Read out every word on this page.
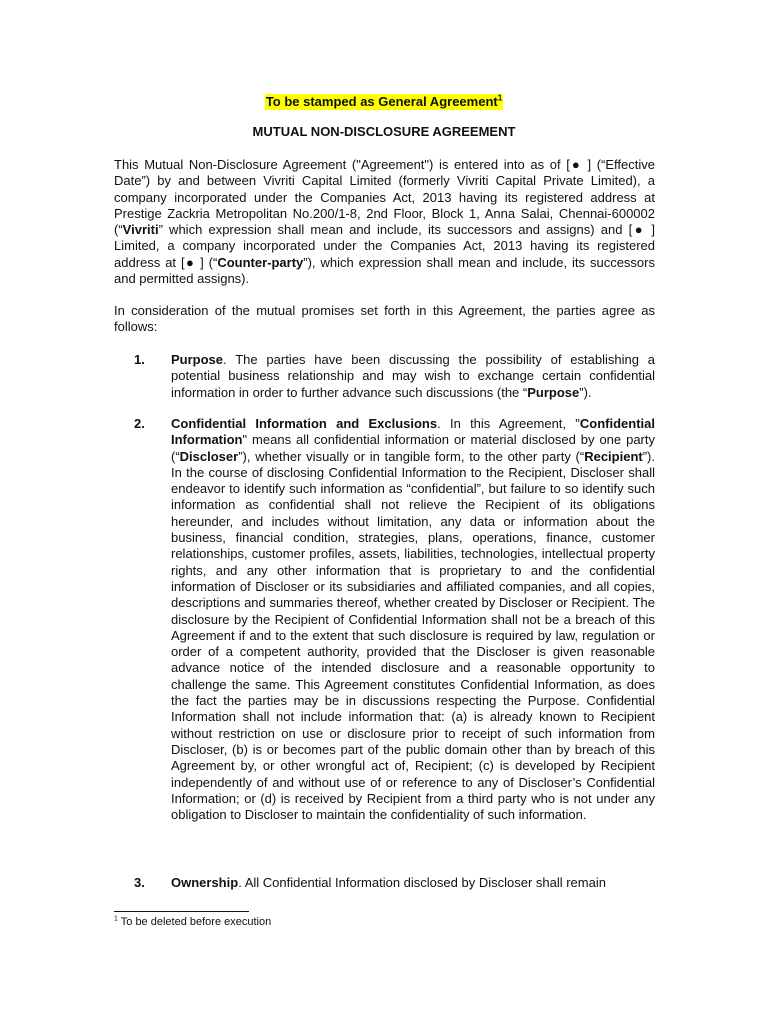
To be stamped as General Agreement$^1$
MUTUAL NON-DISCLOSURE AGREEMENT
This Mutual Non-Disclosure Agreement ("Agreement") is entered into as of [● ] (“Effective Date”) by and between Vivriti Capital Limited (formerly Vivriti Capital Private Limited), a company incorporated under the Companies Act, 2013 having its registered address at Prestige Zackria Metropolitan No.200/1-8, 2nd Floor, Block 1, Anna Salai, Chennai-600002 (“Vivriti” which expression shall mean and include, its successors and assigns) and [● ] Limited, a company incorporated under the Companies Act, 2013 having its registered address at [● ] (“Counter-party”), which expression shall mean and include, its successors and permitted assigns).
In consideration of the mutual promises set forth in this Agreement, the parties agree as follows:
1. Purpose. The parties have been discussing the possibility of establishing a potential business relationship and may wish to exchange certain confidential information in order to further advance such discussions (the “Purpose”).
2. Confidential Information and Exclusions. In this Agreement, "Confidential Information" means all confidential information or material disclosed by one party (“Discloser”), whether visually or in tangible form, to the other party (“Recipient”). In the course of disclosing Confidential Information to the Recipient, Discloser shall endeavor to identify such information as “confidential”, but failure to so identify such information as confidential shall not relieve the Recipient of its obligations hereunder, and includes without limitation, any data or information about the business, financial condition, strategies, plans, operations, finance, customer relationships, customer profiles, assets, liabilities, technologies, intellectual property rights, and any other information that is proprietary to and the confidential information of Discloser or its subsidiaries and affiliated companies, and all copies, descriptions and summaries thereof, whether created by Discloser or Recipient. The disclosure by the Recipient of Confidential Information shall not be a breach of this Agreement if and to the extent that such disclosure is required by law, regulation or order of a competent authority, provided that the Discloser is given reasonable advance notice of the intended disclosure and a reasonable opportunity to challenge the same. This Agreement constitutes Confidential Information, as does the fact the parties may be in discussions respecting the Purpose. Confidential Information shall not include information that: (a) is already known to Recipient without restriction on use or disclosure prior to receipt of such information from Discloser, (b) is or becomes part of the public domain other than by breach of this Agreement by, or other wrongful act of, Recipient; (c) is developed by Recipient independently of and without use of or reference to any of Discloser’s Confidential Information; or (d) is received by Recipient from a third party who is not under any obligation to Discloser to maintain the confidentiality of such information.
3. Ownership. All Confidential Information disclosed by Discloser shall remain
$^1$ To be deleted before execution
